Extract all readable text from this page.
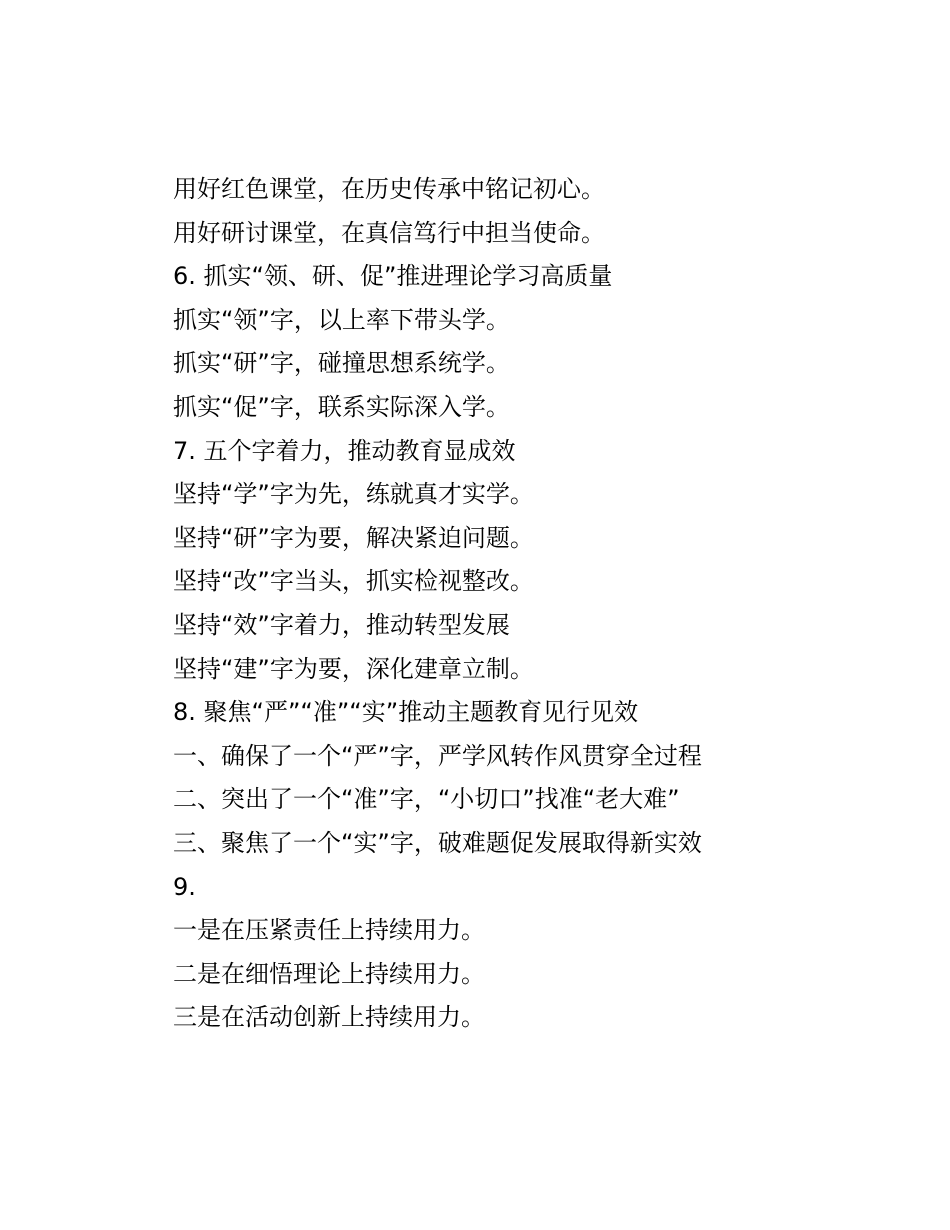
用好红色课堂，在历史传承中铭记初心。
用好研讨课堂，在真信笃行中担当使命。
6. 抓实“领、研、促”推进理论学习高质量
抓实“领”字，以上率下带头学。
抓实“研”字，碰撞思想系统学。
抓实“促”字，联系实际深入学。
7. 五个字着力，推动教育显成效
坚持“学”字为先，练就真才实学。
坚持“研”字为要，解决紧迫问题。
坚持“改”字当头，抓实检视整改。
坚持“效”字着力，推动转型发展
坚持“建”字为要，深化建章立制。
8. 聚焦“严”“准”“实”推动主题教育见行见效
一、确保了一个“严”字，严学风转作风贯穿全过程
二、突出了一个“准”字，“小切口”找准“老大难”
三、聚焦了一个“实”字，破难题促发展取得新实效
9.
一是在压紧责任上持续用力。
二是在细悟理论上持续用力。
三是在活动创新上持续用力。
